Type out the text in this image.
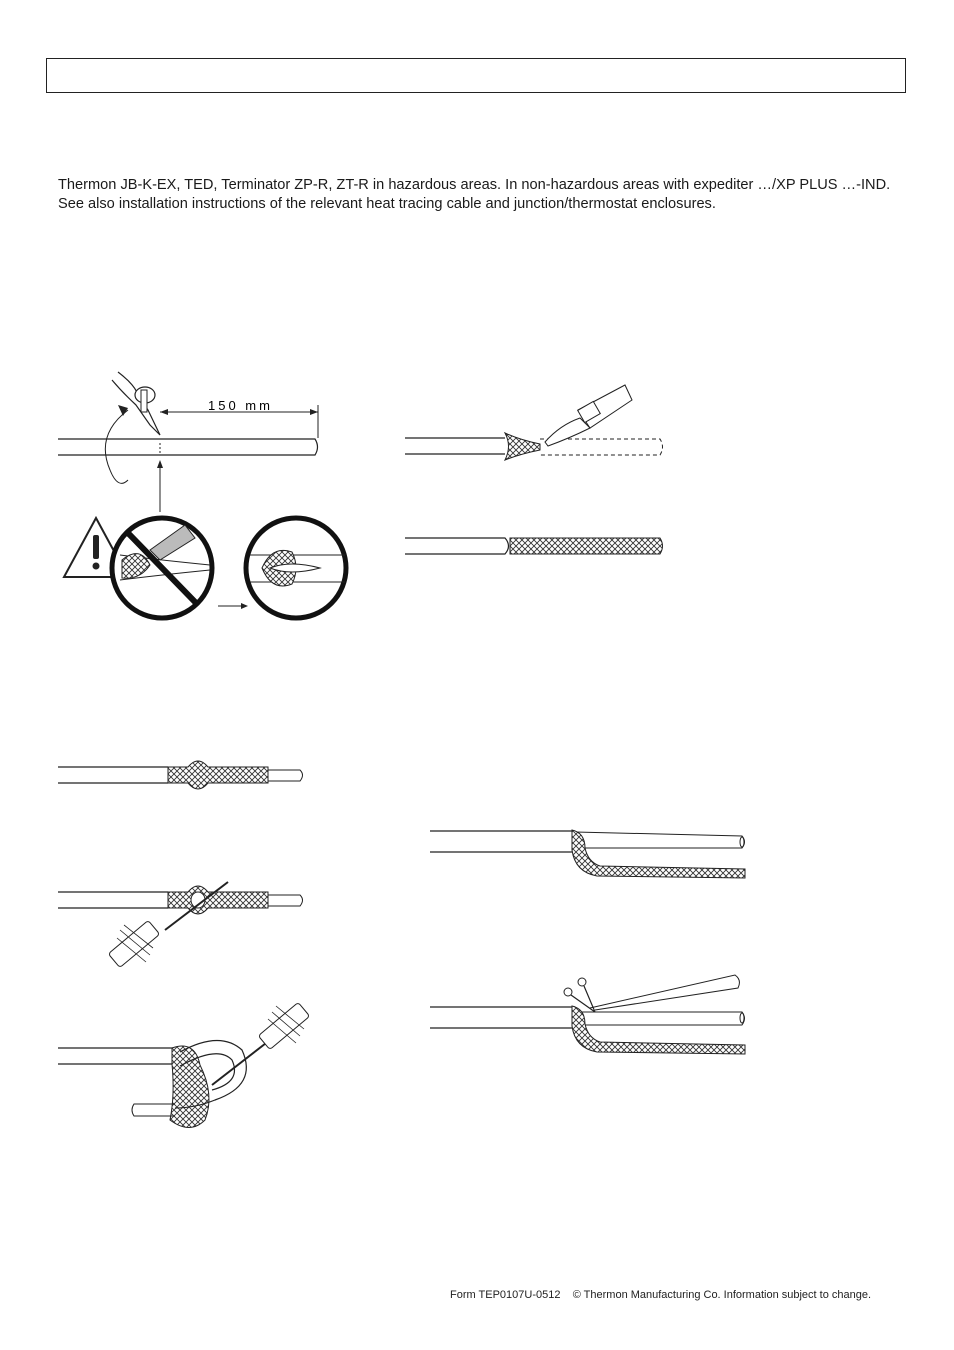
Thermon JB-K-EX, TED, Terminator ZP-R, ZT-R in hazardous areas. In non-hazardous areas with expediter …/XP PLUS …-IND. See also installation instructions of the relevant heat tracing cable and junction/thermostat enclosures.

150 mm
Form TEP0107U-0512 © Thermon Manufacturing Co. Information subject to change.
